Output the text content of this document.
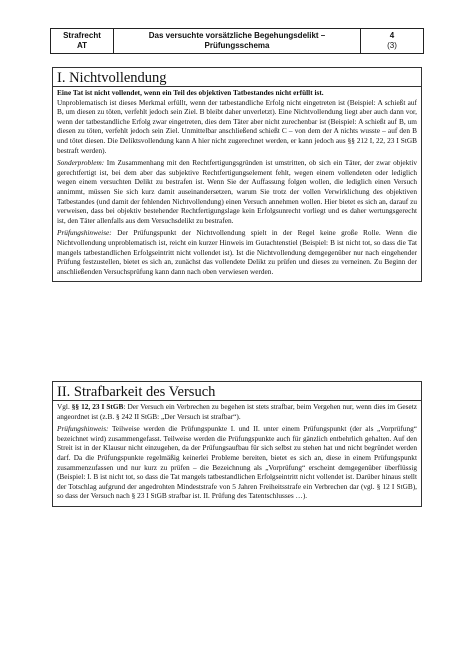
Strafrecht
AT

Das versuchte vorsätzliche Begehungsdelikt –
Prüfungsschema

4
(3)
I. Nichtvollendung

Eine Tat ist nicht vollendet, wenn ein Teil des objektiven Tatbestandes nicht erfüllt ist.

Unproblematisch ist dieses Merkmal erfüllt, wenn der tatbestandliche Erfolg nicht eingetreten ist (Beispiel: A schießt auf B, um diesen zu töten, verfehlt jedoch sein Ziel. B bleibt daher unverletzt). Eine Nichtvollendung liegt aber auch dann vor, wenn der tatbestandliche Erfolg zwar eingetreten, dies dem Täter aber nicht zurechenbar ist (Beispiel: A schießt auf B, um diesen zu töten, verfehlt jedoch sein Ziel. Unmittelbar anschließend schießt C – von dem der A nichts wusste – auf den B und tötet diesen. Die Deliktsvollendung kann A hier nicht zugerechnet werden, er kann jedoch aus §§ 212 I, 22, 23 I StGB bestraft werden).

Sonderproblem: Im Zusammenhang mit den Rechtfertigungsgründen ist umstritten, ob sich ein Täter, der zwar objektiv gerechtfertigt ist, bei dem aber das subjektive Rechtfertigungselement fehlt, wegen einem vollendeten oder lediglich wegen einem versuchten Delikt zu bestrafen ist. Wenn Sie der Auffassung folgen wollen, die lediglich einen Versuch annimmt, müssen Sie sich kurz damit auseinandersetzen, warum Sie trotz der vollen Verwirklichung des objektiven Tatbestandes (und damit der fehlenden Nichtvollendung) einen Versuch annehmen wollen. Hier bietet es sich an, darauf zu verweisen, dass bei objektiv bestehender Rechtfertigungslage kein Erfolgsunrecht vorliegt und es daher wertungsgerecht ist, den Täter allenfalls aus dem Versuchsdelikt zu bestrafen.

Prüfungshinweise: Der Prüfungspunkt der Nichtvollendung spielt in der Regel keine große Rolle. Wenn die Nichtvollendung unproblematisch ist, reicht ein kurzer Hinweis im Gutachtenstiel (Beispiel: B ist nicht tot, so dass die Tat mangels tatbestandlichen Erfolgseintritt nicht vollendet ist). Ist die Nichtvollendung demgegenüber nur nach eingehender Prüfung festzustellen, bietet es sich an, zunächst das vollendete Delikt zu prüfen und dieses zu verneinen. Zu Beginn der anschließenden Versuchsprüfung kann dann nach oben verwiesen werden.

II. Strafbarkeit des Versuch

Vgl. §§ 12, 23 I StGB: Der Versuch ein Verbrechen zu begehen ist stets strafbar, beim Vergehen nur, wenn dies im Gesetz angeordnet ist (z.B. § 242 II StGB: „Der Versuch ist strafbar“).

Prüfungshinweis: Teilweise werden die Prüfungspunkte I. und II. unter einem Prüfungspunkt (der als „Vorprüfung“ bezeichnet wird) zusammengefasst. Teilweise werden die Prüfungspunkte auch für gänzlich entbehrlich gehalten. Auf den Streit ist in der Klausur nicht einzugehen, da der Prüfungsaufbau für sich selbst zu stehen hat und nicht begründet werden darf. Da die Prüfungspunkte regelmäßig keinerlei Probleme bereiten, bietet es sich an, diese in einem Prüfungspunkt zusammenzufassen und nur kurz zu prüfen – die Bezeichnung als „Vorprüfung“ erscheint demgegenüber überflüssig (Beispiel: I. B ist nicht tot, so dass die Tat mangels tatbestandlichen Erfolgseintritt nicht vollendet ist. Darüber hinaus stellt der Totschlag aufgrund der angedrohten Mindeststrafe von 5 Jahren Freiheitsstrafe ein Verbrechen dar (vgl. § 12 I StGB), so dass der Versuch nach § 23 I StGB strafbar ist. II. Prüfung des Tatentschlusses …).
